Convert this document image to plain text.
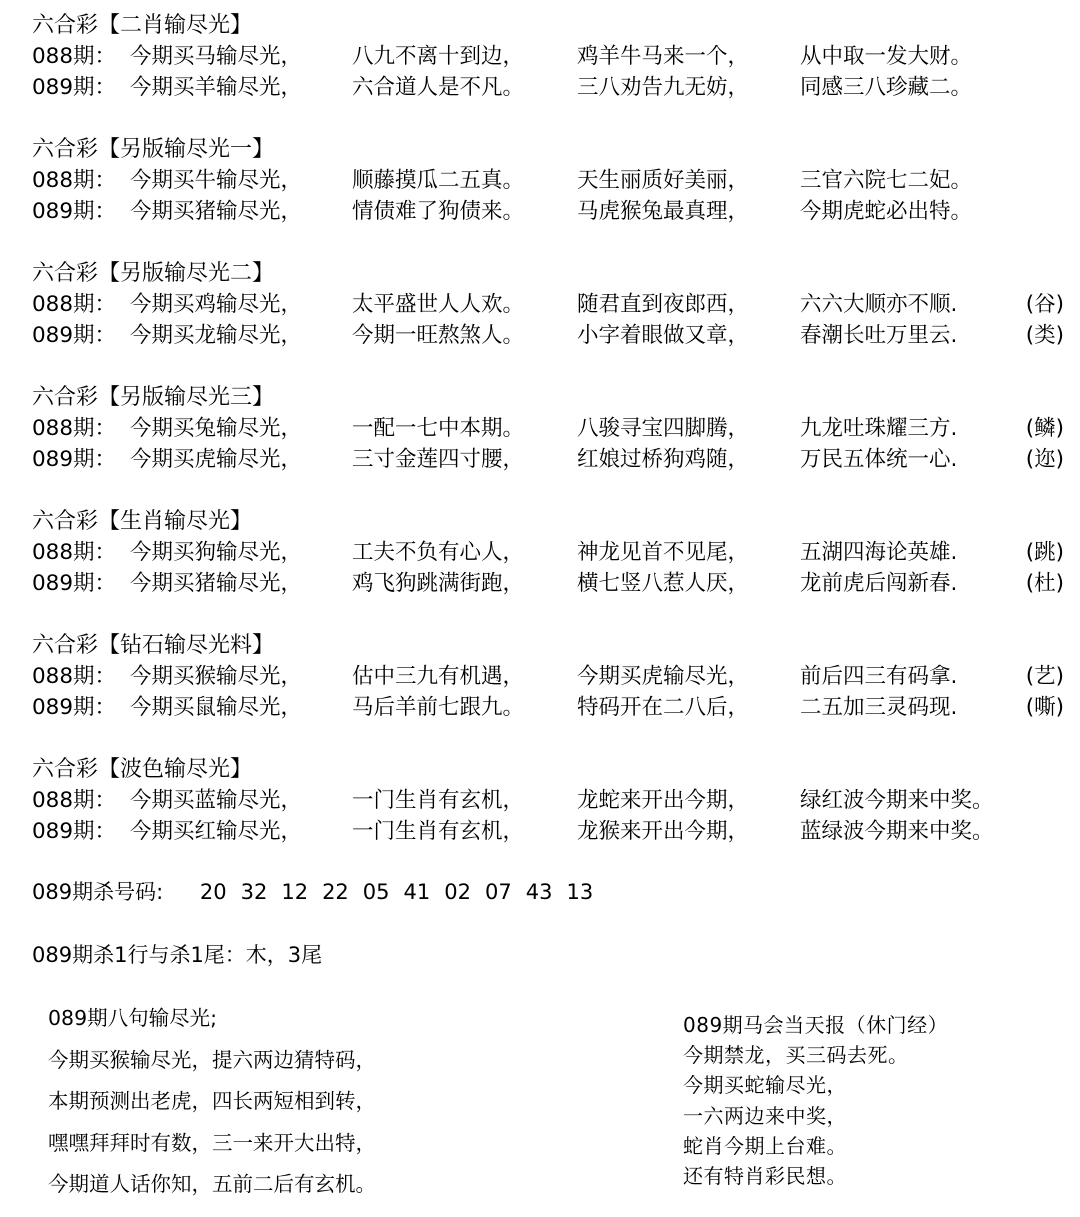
六合彩【二肖输尽光】
088期： 今期买马输尽光， 八九不离十到边， 鸡羊牛马来一个， 从中取一发大财。
089期： 今期买羊输尽光， 六合道人是不凡。 三八劝告九无妨， 同感三八珍藏二。
六合彩【另版输尽光一】
088期： 今期买牛输尽光， 顺藤摸瓜二五真。 天生丽质好美丽， 三官六院七二妃。
089期： 今期买猪输尽光， 情债难了狗债来。 马虎猴兔最真理， 今期虎蛇必出特。
六合彩【另版输尽光二】
088期： 今期买鸡输尽光， 太平盛世人人欢。 随君直到夜郎西， 六六大顺亦不顺.	(谷)
089期： 今期买龙输尽光， 今期一旺熬煞人。 小字着眼做又章， 春潮长吐万里云.	(类)
六合彩【另版输尽光三】
088期： 今期买兔输尽光， 一配一七中本期。 八骏寻宝四脚腾， 九龙吐珠耀三方.	(鳞)
089期： 今期买虎输尽光， 三寸金莲四寸腰， 红娘过桥狗鸡随， 万民五体统一心.	(迩)
六合彩【生肖输尽光】
088期： 今期买狗输尽光， 工夫不负有心人， 神龙见首不见尾， 五湖四海论英雄.	(跳)
089期： 今期买猪输尽光， 鸡飞狗跳满街跑， 横七竖八惹人厌， 龙前虎后闯新春.	(杜)
六合彩【钻石输尽光料】
088期： 今期买猴输尽光， 估中三九有机遇， 今期买虎输尽光， 前后四三有码拿.	(艺)
089期： 今期买鼠输尽光， 马后羊前七跟九。 特码开在二八后， 二五加三灵码现.	(嘶)
六合彩【波色输尽光】
088期： 今期买蓝输尽光， 一门生肖有玄机， 龙蛇来开出今期， 绿红波今期来中奖。
089期： 今期买红输尽光， 一门生肖有玄机， 龙猴来开出今期， 蓝绿波今期来中奖。
089期杀号码: 20 32 12 22 05 41 02 07 43 13
089期杀1行与杀1尾：木，3尾
089期八句输尽光;
今期买猴输尽光，提六两边猜特码，
本期预测出老虎，四长两短相到转，
嘿嘿拜拜时有数，三一来开大出特，
今期道人话你知，五前二后有玄机。
089期马会当天报（休门经）
今期禁龙，买三码去死。
今期买蛇输尽光，
一六两边来中奖，
蛇肖今期上台难。
还有特肖彩民想。
